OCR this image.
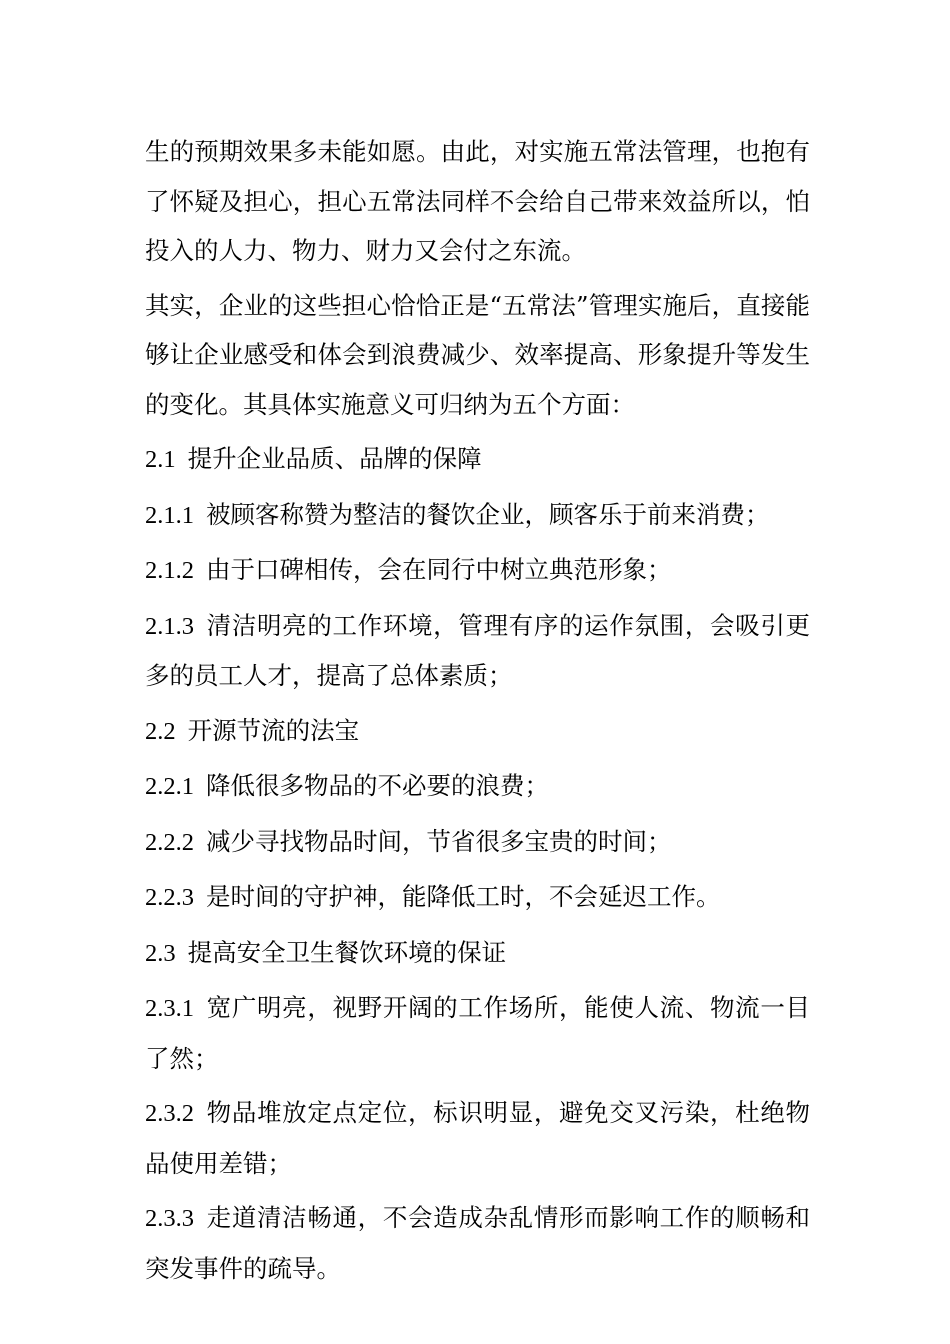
生的预期效果多未能如愿。由此，对实施五常法管理，也抱有了怀疑及担心，担心五常法同样不会给自己带来效益所以，怕投入的人力、物力、财力又会付之东流。

其实，企业的这些担心恰恰正是“五常法”管理实施后，直接能够让企业感受和体会到浪费减少、效率提高、形象提升等发生的变化。其具体实施意义可归纳为五个方面：

2.1 提升企业品质、品牌的保障

2.1.1 被顾客称赞为整洁的餐饮企业，顾客乐于前来消费；

2.1.2 由于口碑相传，会在同行中树立典范形象；

2.1.3 清洁明亮的工作环境，管理有序的运作氛围，会吸引更多的员工人才，提高了总体素质；

2.2 开源节流的法宝

2.2.1 降低很多物品的不必要的浪费；

2.2.2 减少寻找物品时间，节省很多宝贵的时间；

2.2.3 是时间的守护神，能降低工时，不会延迟工作。

2.3 提高安全卫生餐饮环境的保证

2.3.1 宽广明亮，视野开阔的工作场所，能使人流、物流一目了然；

2.3.2 物品堆放定点定位，标识明显，避免交叉污染，杜绝物品使用差错；

2.3.3 走道清洁畅通，不会造成杂乱情形而影响工作的顺畅和突发事件的疏导。
